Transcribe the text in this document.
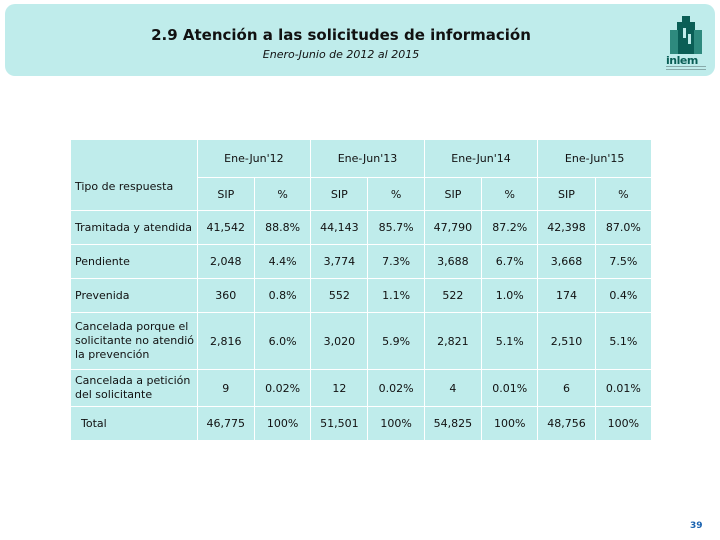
2.9 Atención a las solicitudes de información
Enero-Junio de 2012 al 2015	inlem
Tipo de respuesta	Ene-Jun'12		Ene-Jun'13		Ene-Jun'14		Ene-Jun'15	
	SIP	%	SIP	%	SIP	%	SIP	%
Tramitada y atendida	41,542	88.8%	44,143	85.7%	47,790	87.2%	42,398	87.0%
Pendiente	2,048	4.4%	3,774	7.3%	3,688	6.7%	3,668	7.5%
Prevenida	360	0.8%	552	1.1%	522	1.0%	174	0.4%
Cancelada porque el solicitante no atendió la prevención	2,816	6.0%	3,020	5.9%	2,821	5.1%	2,510	5.1%
Cancelada a petición del solicitante	9	0.02%	12	0.02%	4	0.01%	6	0.01%
Total	46,775	100%	51,501	100%	54,825	100%	48,756	100%
39
